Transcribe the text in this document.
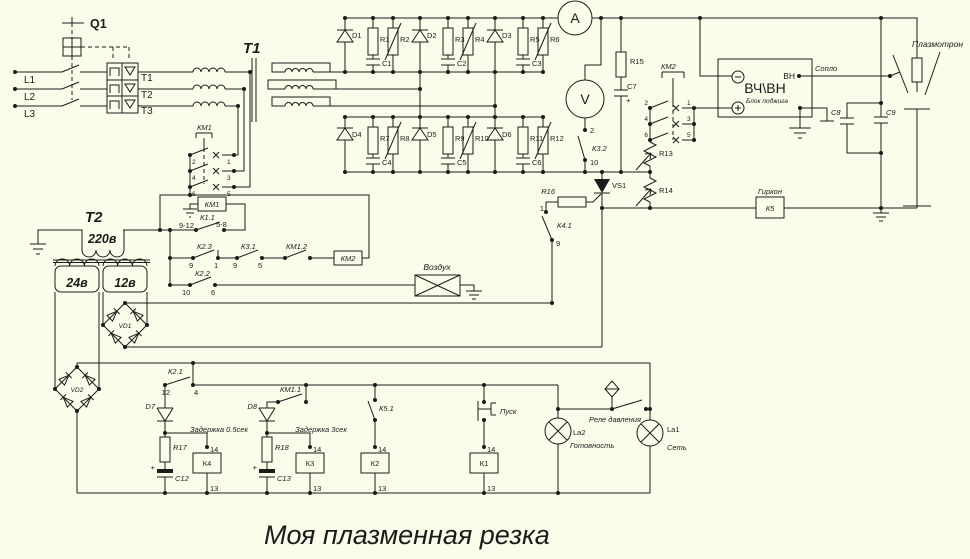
Q1
L1
L2
L3
T1
T2
T3
T1
КМ1
2	1
4	3
6	5
КМ1
К1.1
9-12	5-8
К2.3
9	1
К3.1
9	5
КМ1.2
КМ2
К2.2
10	6
Воздух
T2
220в
24в 12в
VD1
VD2
D1	D2	D3
R1 R2	R3 R4	R5 R6
C1	C2	C3
D4	D5	D6
R7 R8	R9 R10	R11 R12
C4	C5	C6
A
V
2
К3.2
10
R15
C7
+
КМ2
2	1
4	3
6	5
R13
R14
R16
VS1
1
К4.1
9
ВЧ\ВН
Блок поджига
ВН
Сопло
Плазмотрон
C8	C9
Гиркон
К5
К2.1
12	4
D8
D7
КМ1.1
Задержка 0.5сек	Задержка 3сек
R17	R18
+	+
C12	C13
14
13
К4
14
13
К3
К5.1
14
13
К2
Пуск
14
13
К1
La2
Готовность
Реле давления
La1
Сеть
Моя плазменная резка
